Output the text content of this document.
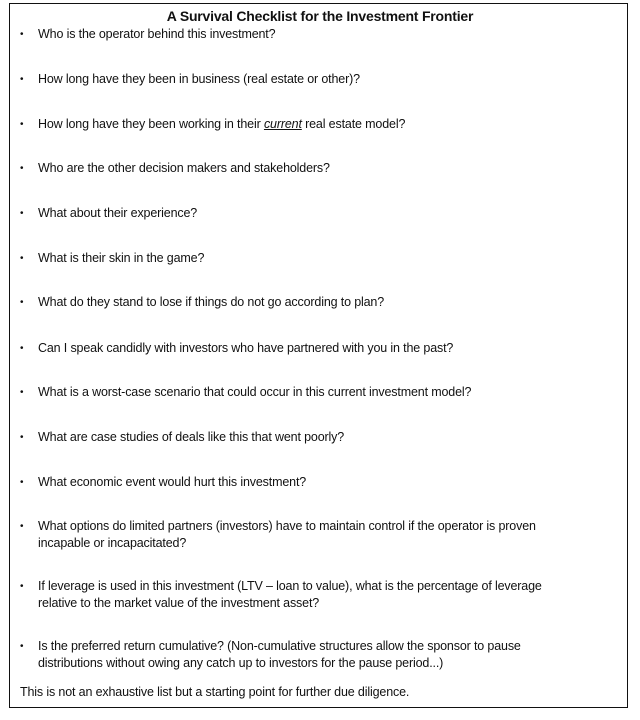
A Survival Checklist for the Investment Frontier
•	Who is the operator behind this investment?
•	How long have they been in business (real estate or other)?
•	How long have they been working in their current real estate model?
•	Who are the other decision makers and stakeholders?
•	What about their experience?
•	What is their skin in the game?
•	What do they stand to lose if things do not go according to plan?
•	Can I speak candidly with investors who have partnered with you in the past?
•	What is a worst-case scenario that could occur in this current investment model?
•	What are case studies of deals like this that went poorly?
•	What economic event would hurt this investment?
•	What options do limited partners (investors) have to maintain control if the operator is proven
incapable or incapacitated?
•	If leverage is used in this investment (LTV – loan to value), what is the percentage of leverage
relative to the market value of the investment asset?
•	Is the preferred return cumulative? (Non-cumulative structures allow the sponsor to pause
distributions without owing any catch up to investors for the pause period...)
This is not an exhaustive list but a starting point for further due diligence.
